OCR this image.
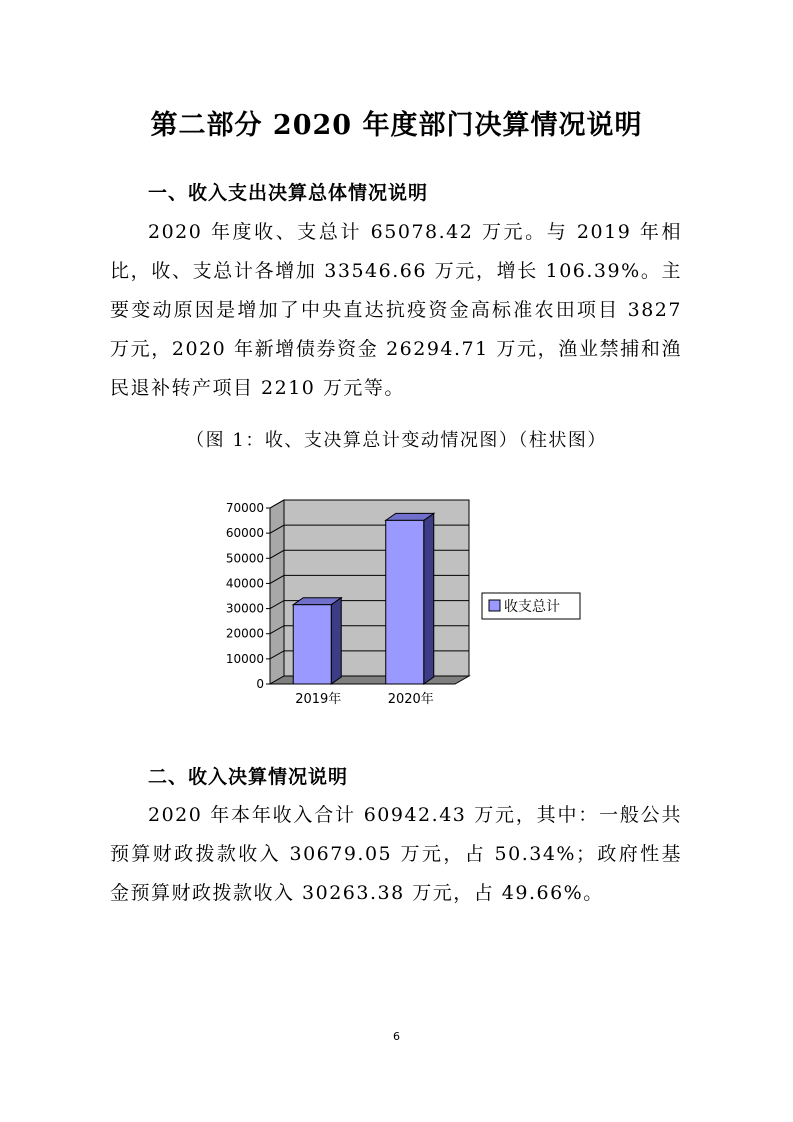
第二部分 2020 年度部门决算情况说明
一、收入支出决算总体情况说明
2020 年度收、支总计 65078.42 万元。与 2019 年相比，收、支总计各增加 33546.66 万元，增长 106.39%。主要变动原因是增加了中央直达抗疫资金高标准农田项目 3827 万元，2020 年新增债券资金 26294.71 万元，渔业禁捕和渔民退补转产项目 2210 万元等。
（图 1：收、支决算总计变动情况图）（柱状图）
0
10000
20000
30000
40000
50000
60000
70000
2019年	2020年
收支总计
二、收入决算情况说明
2020 年本年收入合计 60942.43 万元，其中：一般公共预算财政拨款收入 30679.05 万元，占 50.34%；政府性基金预算财政拨款收入 30263.38 万元，占 49.66%。
6
